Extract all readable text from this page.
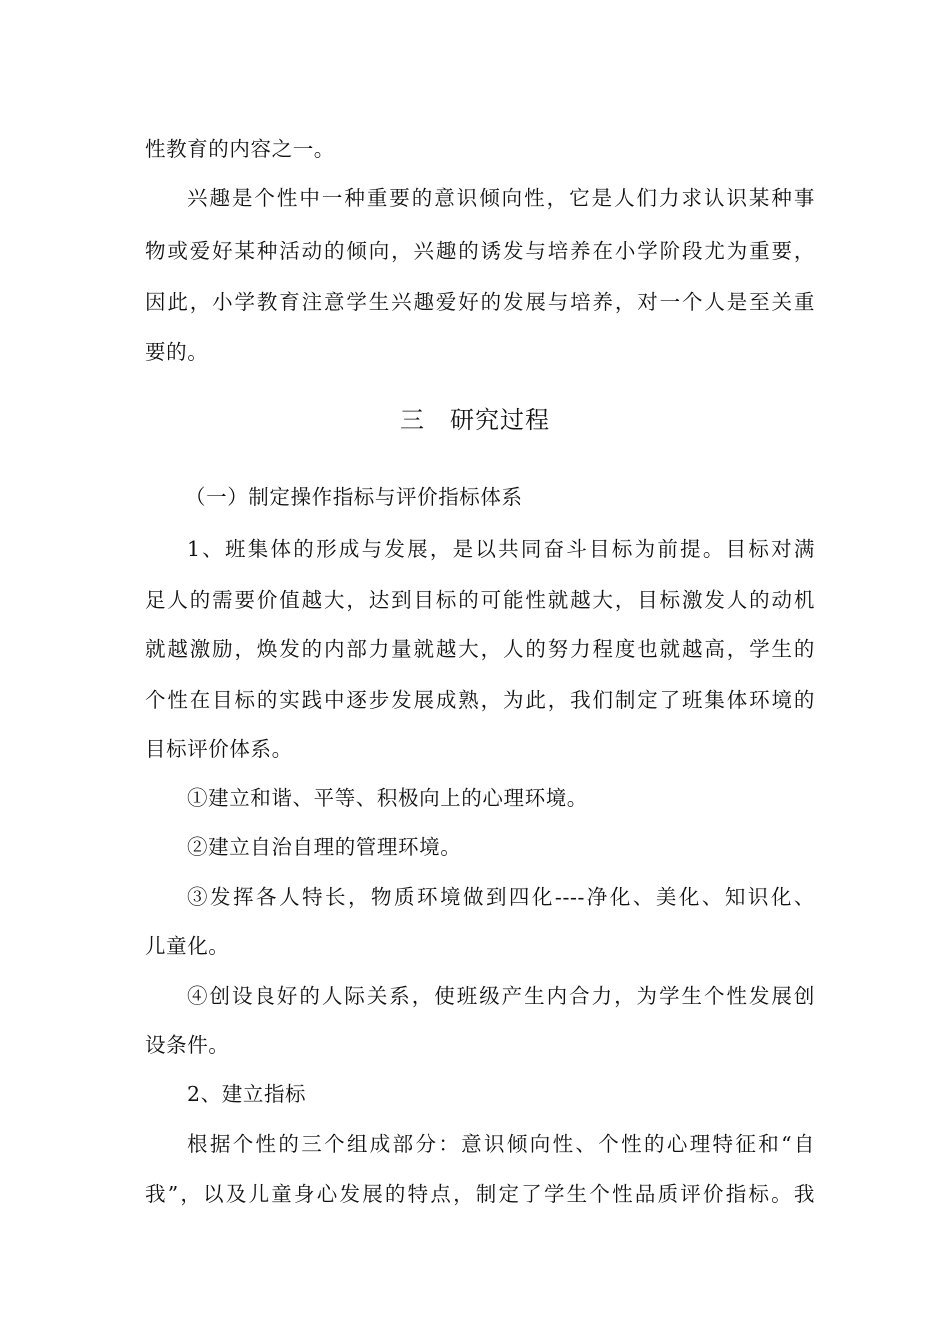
性教育的内容之一。
兴趣是个性中一种重要的意识倾向性，它是人们力求认识某种事
物或爱好某种活动的倾向，兴趣的诱发与培养在小学阶段尤为重要，
因此，小学教育注意学生兴趣爱好的发展与培养，对一个人是至关重
要的。
三　研究过程
（一）制定操作指标与评价指标体系
1、班集体的形成与发展，是以共同奋斗目标为前提。目标对满
足人的需要价值越大，达到目标的可能性就越大，目标激发人的动机
就越激励，焕发的内部力量就越大，人的努力程度也就越高，学生的
个性在目标的实践中逐步发展成熟，为此，我们制定了班集体环境的
目标评价体系。
①建立和谐、平等、积极向上的心理环境。
②建立自治自理的管理环境。
③发挥各人特长，物质环境做到四化----净化、美化、知识化、
儿童化。
④创设良好的人际关系，使班级产生内合力，为学生个性发展创
设条件。
2、建立指标
根据个性的三个组成部分：意识倾向性、个性的心理特征和“自
我”，以及儿童身心发展的特点，制定了学生个性品质评价指标。我
